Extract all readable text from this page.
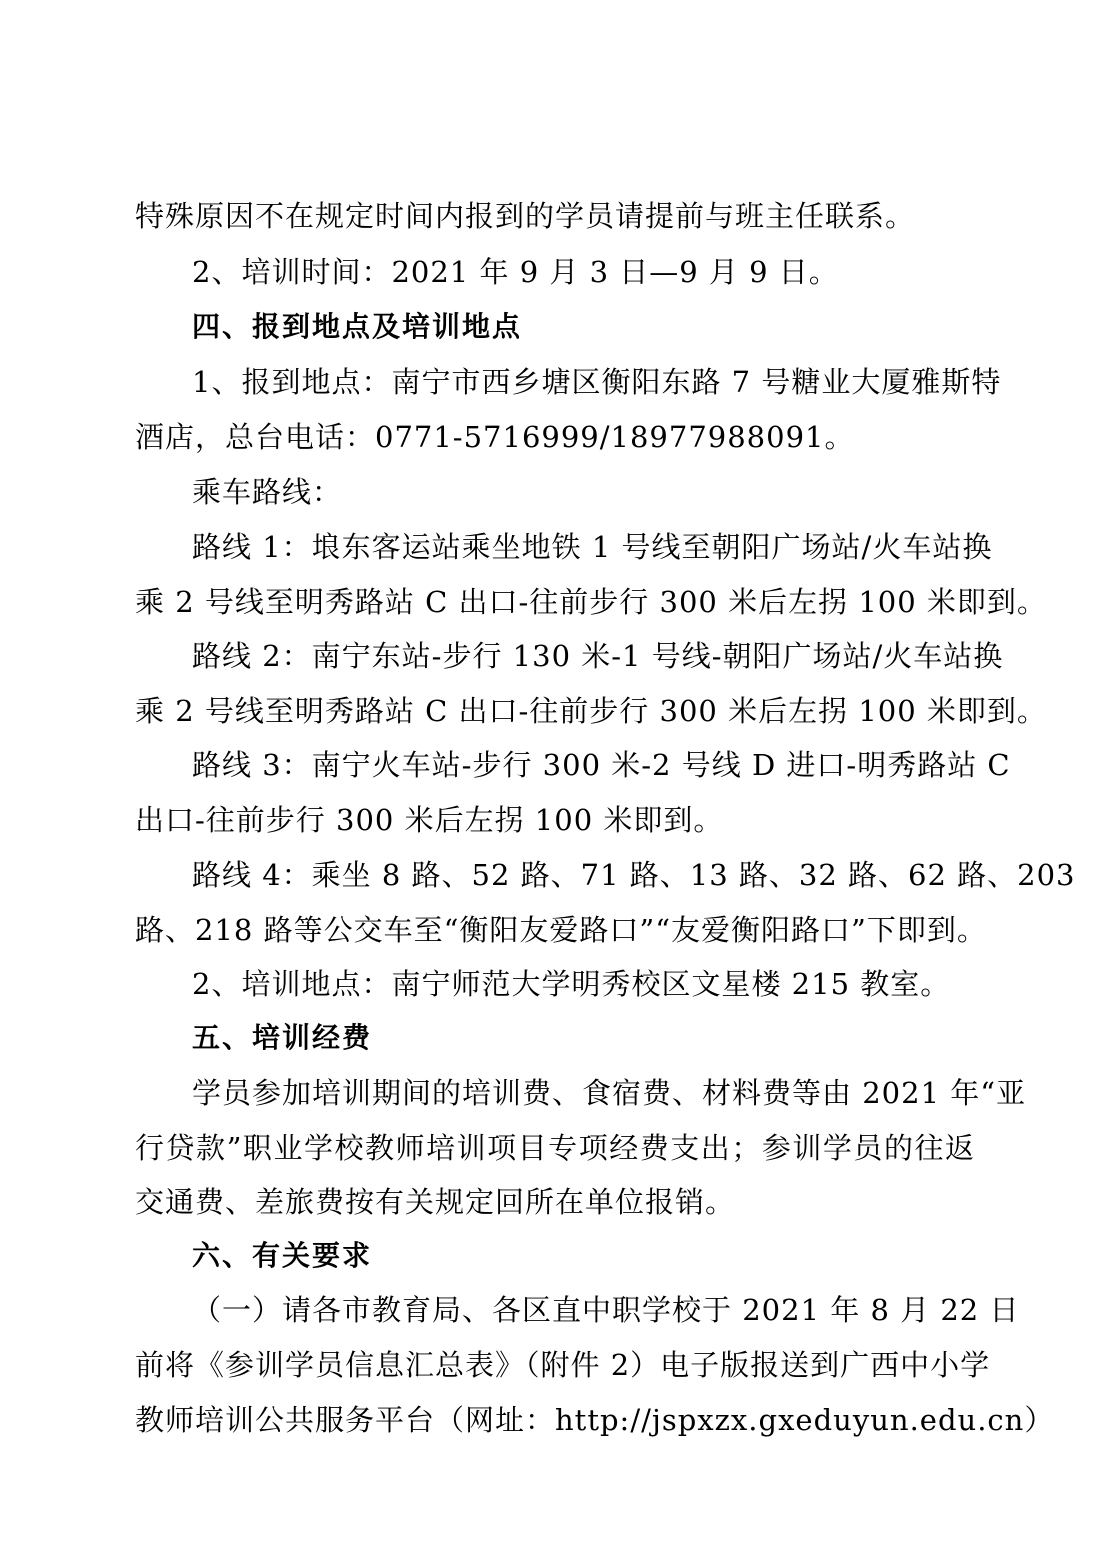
特殊原因不在规定时间内报到的学员请提前与班主任联系。
2、培训时间：2021 年 9 月 3 日—9 月 9 日。
四、报到地点及培训地点
1、报到地点：南宁市西乡塘区衡阳东路 7 号糖业大厦雅斯特
酒店，总台电话：0771-5716999/18977988091。
乘车路线：
路线 1：埌东客运站乘坐地铁 1 号线至朝阳广场站/火车站换
乘 2 号线至明秀路站 C 出口-往前步行 300 米后左拐 100 米即到。
路线 2：南宁东站-步行 130 米-1 号线-朝阳广场站/火车站换
乘 2 号线至明秀路站 C 出口-往前步行 300 米后左拐 100 米即到。
路线 3：南宁火车站-步行 300 米-2 号线 D 进口-明秀路站 C
出口-往前步行 300 米后左拐 100 米即到。
路线 4：乘坐 8 路、52 路、71 路、13 路、32 路、62 路、203
路、218 路等公交车至“衡阳友爱路口”“友爱衡阳路口”下即到。
2、培训地点：南宁师范大学明秀校区文星楼 215 教室。
五、培训经费
学员参加培训期间的培训费、食宿费、材料费等由 2021 年“亚
行贷款”职业学校教师培训项目专项经费支出；参训学员的往返
交通费、差旅费按有关规定回所在单位报销。
六、有关要求
（一）请各市教育局、各区直中职学校于 2021 年 8 月 22 日
前将《参训学员信息汇总表》（附件 2）电子版报送到广西中小学
教师培训公共服务平台（网址：http://jspxzx.gxeduyun.edu.cn）
